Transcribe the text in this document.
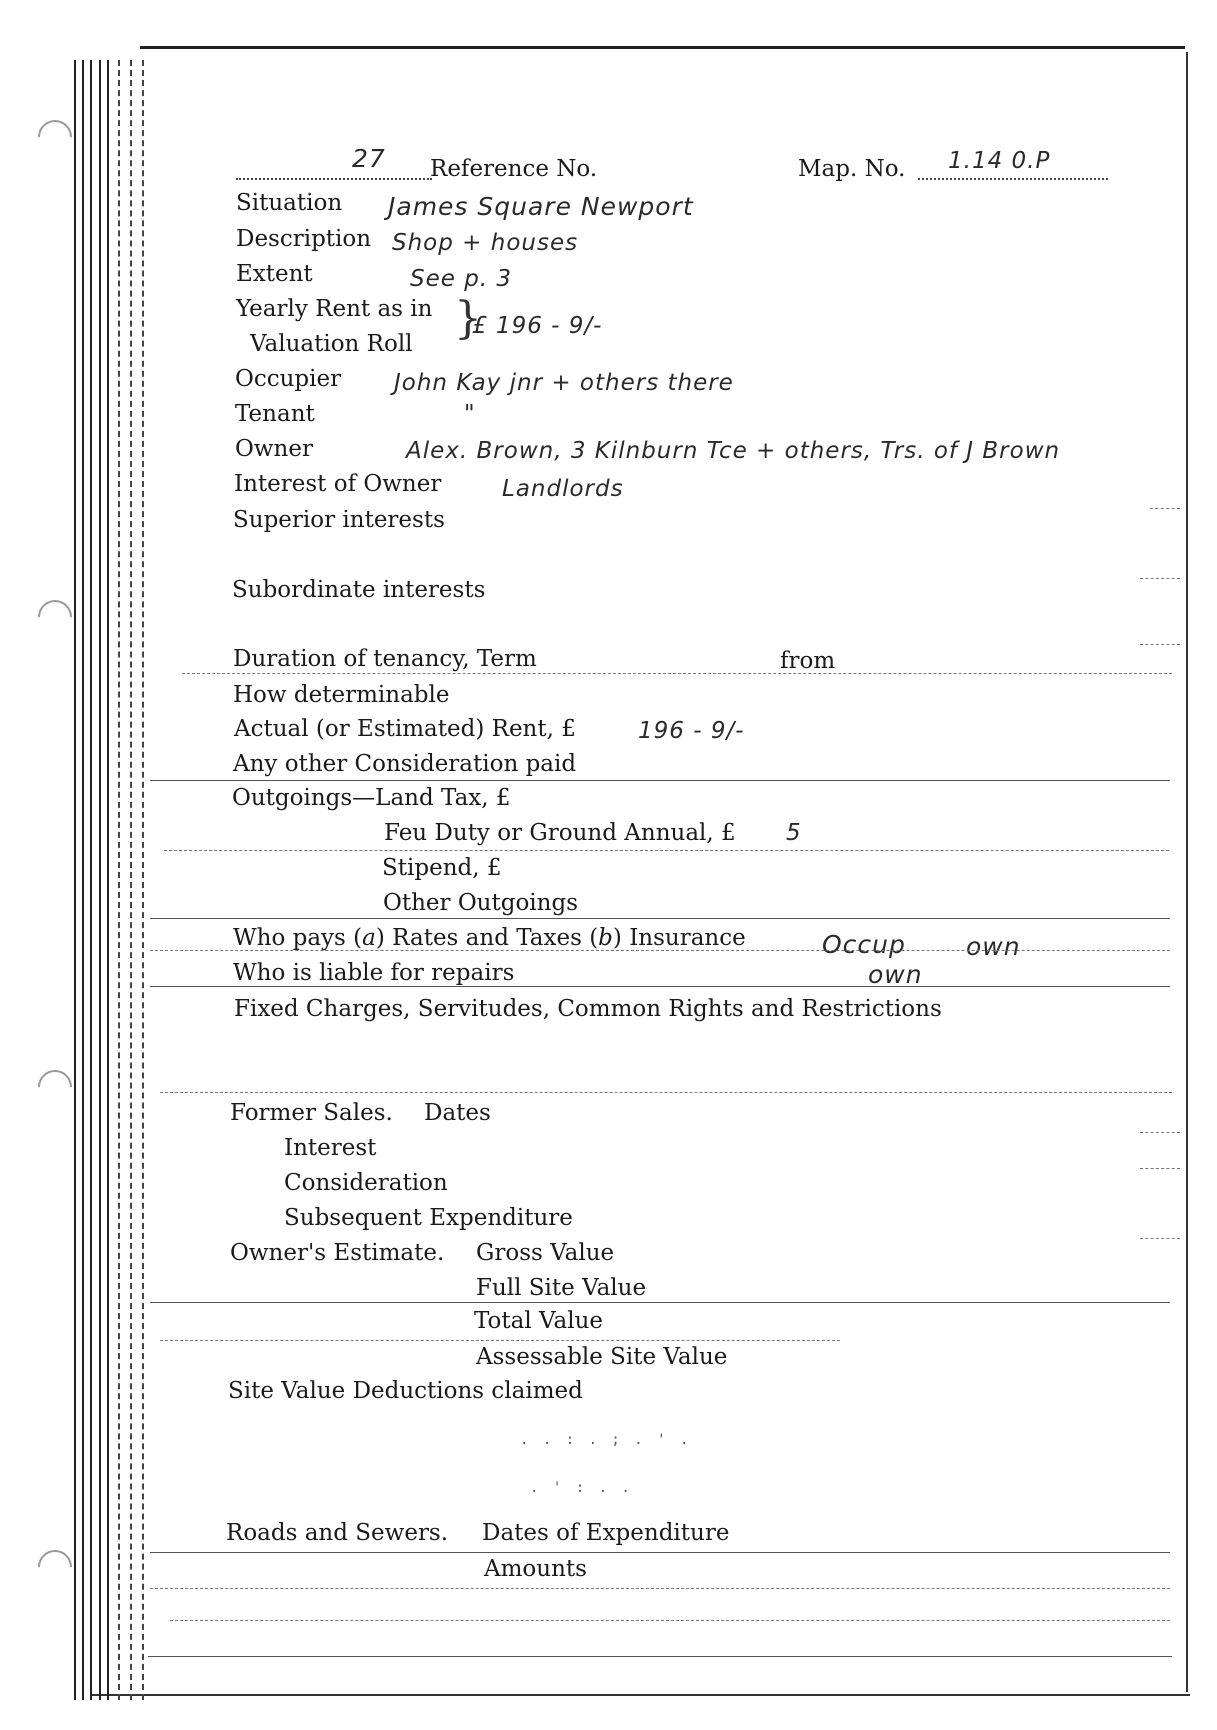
27 Reference No.	Map. No. 1.14 0.P
Situation James Square Newport
Description Shop + houses
Extent	See p. 3
Yearly Rent as in
Valuation Roll }
£ 196 - 9/-
Occupier John Kay jnr + others there
Tenant	"
Owner	Alex. Brown, 3 Kilnburn Tce + others, Trs. of J Brown
Interest of Owner	Landlords
Superior interests
Subordinate interests
Duration of tenancy, Term	from
How determinable
Actual (or Estimated) Rent, £	196 - 9/-
Any other Consideration paid
Outgoings—Land Tax, £
Feu Duty or Ground Annual, £ 5
Stipend, £
Other Outgoings
Who pays (a) Rates and Taxes (b) Insurance	Occup own
Who is liable for repairs	own
Fixed Charges, Servitudes, Common Rights and Restrictions
Former Sales. Dates
Interest
Consideration
Subsequent Expenditure
Owner's Estimate. Gross Value
Full Site Value
Total Value
Assessable Site Value
Site Value Deductions claimed
. . : . ; . ' .
. ' : . .
Roads and Sewers. Dates of Expenditure
Amounts
